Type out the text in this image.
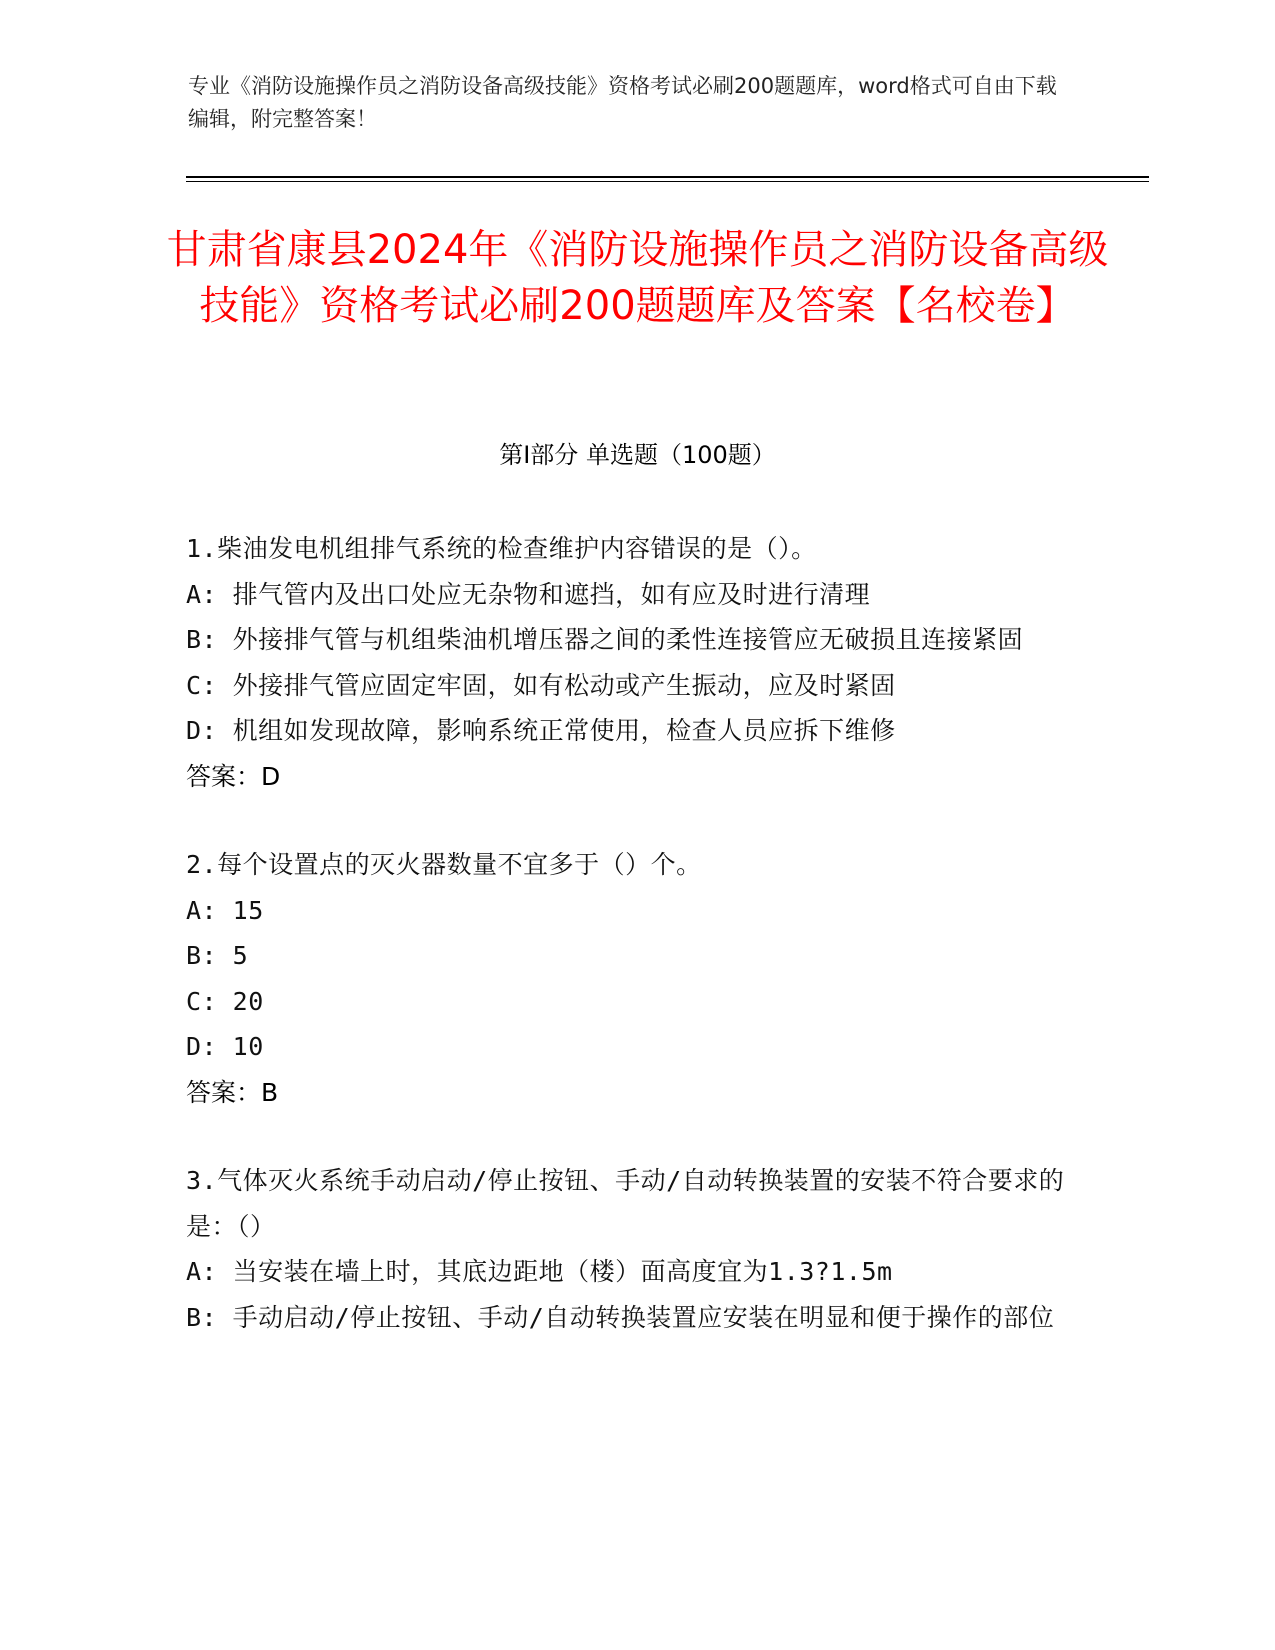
专业《消防设施操作员之消防设备高级技能》资格考试必刷200题题库，word格式可自由下载编辑，附完整答案！
甘肃省康县2024年《消防设施操作员之消防设备高级技能》资格考试必刷200题题库及答案【名校卷】
第Ⅰ部分 单选题（100题）
1.柴油发电机组排气系统的检查维护内容错误的是（）。
A: 排气管内及出口处应无杂物和遮挡，如有应及时进行清理
B: 外接排气管与机组柴油机增压器之间的柔性连接管应无破损且连接紧固
C: 外接排气管应固定牢固，如有松动或产生振动，应及时紧固
D: 机组如发现故障，影响系统正常使用，检查人员应拆下维修
答案：D
2.每个设置点的灭火器数量不宜多于（）个。
A: 15
B: 5
C: 20
D: 10
答案：B
3.气体灭火系统手动启动/停止按钮、手动/自动转换装置的安装不符合要求的是：（）
A: 当安装在墙上时，其底边距地（楼）面高度宜为1.3?1.5m
B: 手动启动/停止按钮、手动/自动转换装置应安装在明显和便于操作的部位
